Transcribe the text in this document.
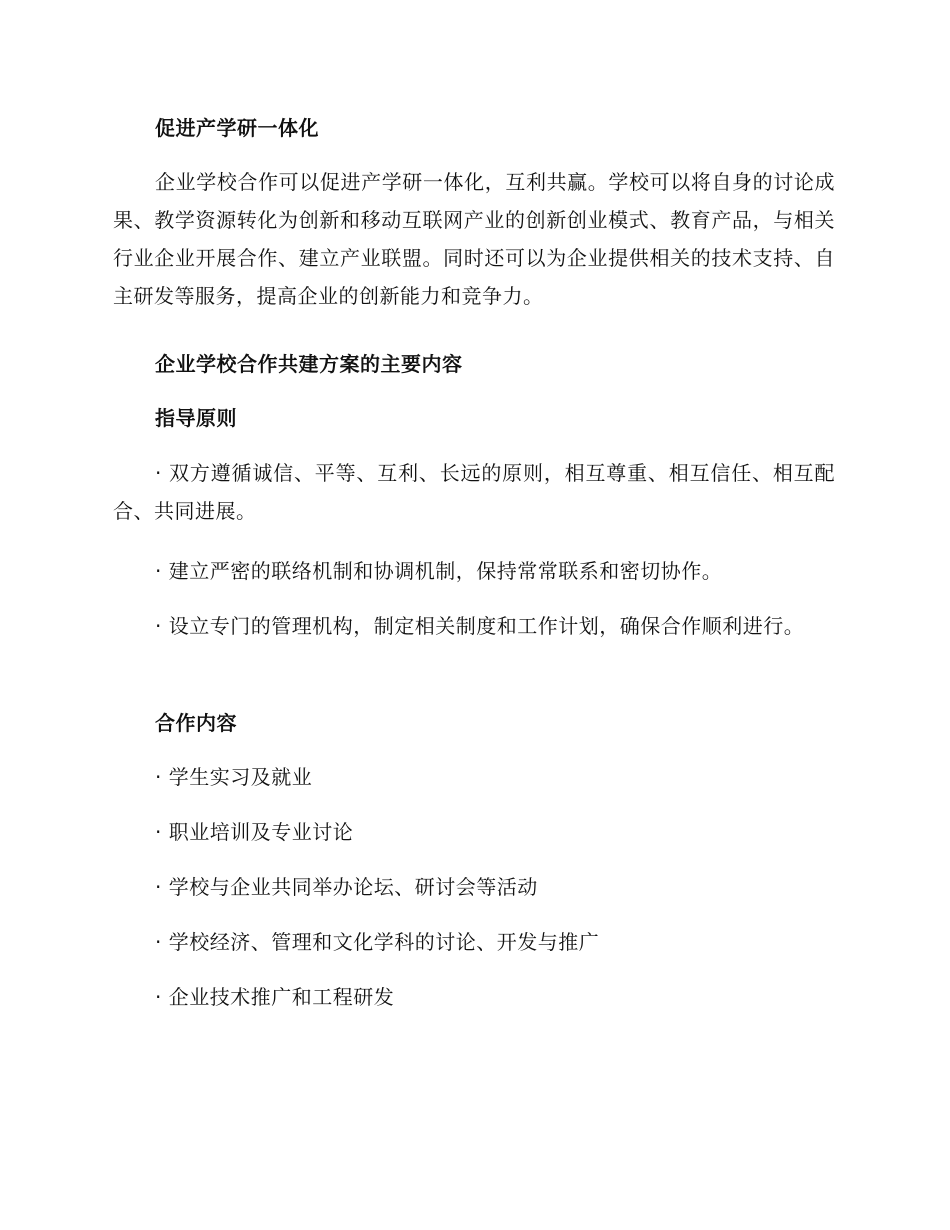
促进产学研一体化

企业学校合作可以促进产学研一体化，互利共赢。学校可以将自身的讨论成果、教学资源转化为创新和移动互联网产业的创新创业模式、教育产品，与相关行业企业开展合作、建立产业联盟。同时还可以为企业提供相关的技术支持、自主研发等服务，提高企业的创新能力和竞争力。

企业学校合作共建方案的主要内容
指导原则

· 双方遵循诚信、平等、互利、长远的原则，相互尊重、相互信任、相互配合、共同进展。

· 建立严密的联络机制和协调机制，保持常常联系和密切协作。

· 设立专门的管理机构，制定相关制度和工作计划，确保合作顺利进行。

合作内容

· 学生实习及就业

· 职业培训及专业讨论

· 学校与企业共同举办论坛、研讨会等活动

· 学校经济、管理和文化学科的讨论、开发与推广

· 企业技术推广和工程研发
